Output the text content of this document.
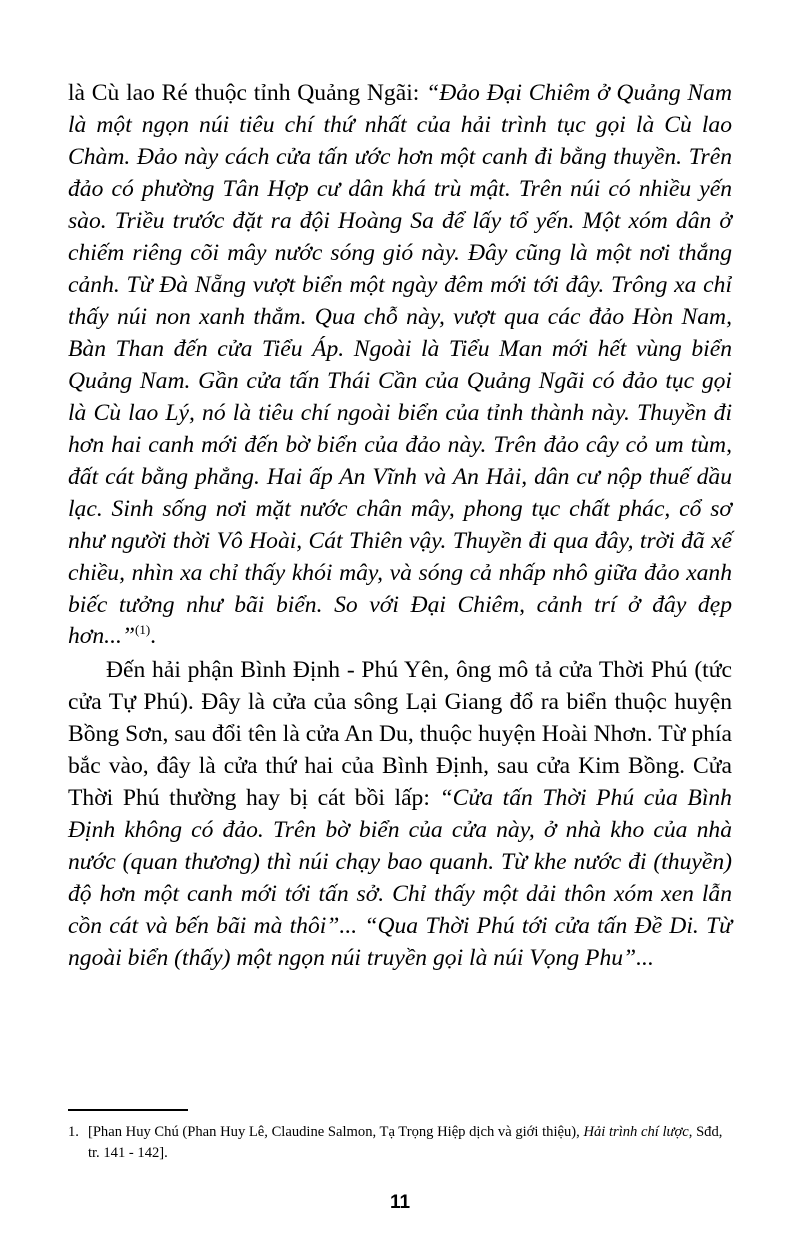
là Cù lao Ré thuộc tỉnh Quảng Ngãi: “Đảo Đại Chiêm ở Quảng Nam là một ngọn núi tiêu chí thứ nhất của hải trình tục gọi là Cù lao Chàm. Đảo này cách cửa tấn ước hơn một canh đi bằng thuyền. Trên đảo có phường Tân Hợp cư dân khá trù mật. Trên núi có nhiều yến sào. Triều trước đặt ra đội Hoàng Sa để lấy tổ yến. Một xóm dân ở chiếm riêng cõi mây nước sóng gió này. Đây cũng là một nơi thắng cảnh. Từ Đà Nẵng vượt biển một ngày đêm mới tới đây. Trông xa chỉ thấy núi non xanh thẳm. Qua chỗ này, vượt qua các đảo Hòn Nam, Bàn Than đến cửa Tiểu Áp. Ngoài là Tiểu Man mới hết vùng biển Quảng Nam. Gần cửa tấn Thái Cần của Quảng Ngãi có đảo tục gọi là Cù lao Lý, nó là tiêu chí ngoài biển của tỉnh thành này. Thuyền đi hơn hai canh mới đến bờ biển của đảo này. Trên đảo cây cỏ um tùm, đất cát bằng phẳng. Hai ấp An Vĩnh và An Hải, dân cư nộp thuế dầu lạc. Sinh sống nơi mặt nước chân mây, phong tục chất phác, cổ sơ như người thời Vô Hoài, Cát Thiên vậy. Thuyền đi qua đây, trời đã xế chiều, nhìn xa chỉ thấy khói mây, và sóng cả nhấp nhô giữa đảo xanh biếc tưởng như bãi biển. So với Đại Chiêm, cảnh trí ở đây đẹp hơn...”$^{(1)}$.

Đến hải phận Bình Định - Phú Yên, ông mô tả cửa Thời Phú (tức cửa Tự Phú). Đây là cửa của sông Lại Giang đổ ra biển thuộc huyện Bồng Sơn, sau đổi tên là cửa An Du, thuộc huyện Hoài Nhơn. Từ phía bắc vào, đây là cửa thứ hai của Bình Định, sau cửa Kim Bồng. Cửa Thời Phú thường hay bị cát bồi lấp: “Cửa tấn Thời Phú của Bình Định không có đảo. Trên bờ biển của cửa này, ở nhà kho của nhà nước (quan thương) thì núi chạy bao quanh. Từ khe nước đi (thuyền) độ hơn một canh mới tới tấn sở. Chỉ thấy một dải thôn xóm xen lẫn cồn cát và bến bãi mà thôi”... “Qua Thời Phú tới cửa tấn Đề Di. Từ ngoài biển (thấy) một ngọn núi truyền gọi là núi Vọng Phu”...

1. [Phan Huy Chú (Phan Huy Lê, Claudine Salmon, Tạ Trọng Hiệp dịch và giới thiệu), Hải trình chí lược, Sđd, tr. 141 - 142].
11
